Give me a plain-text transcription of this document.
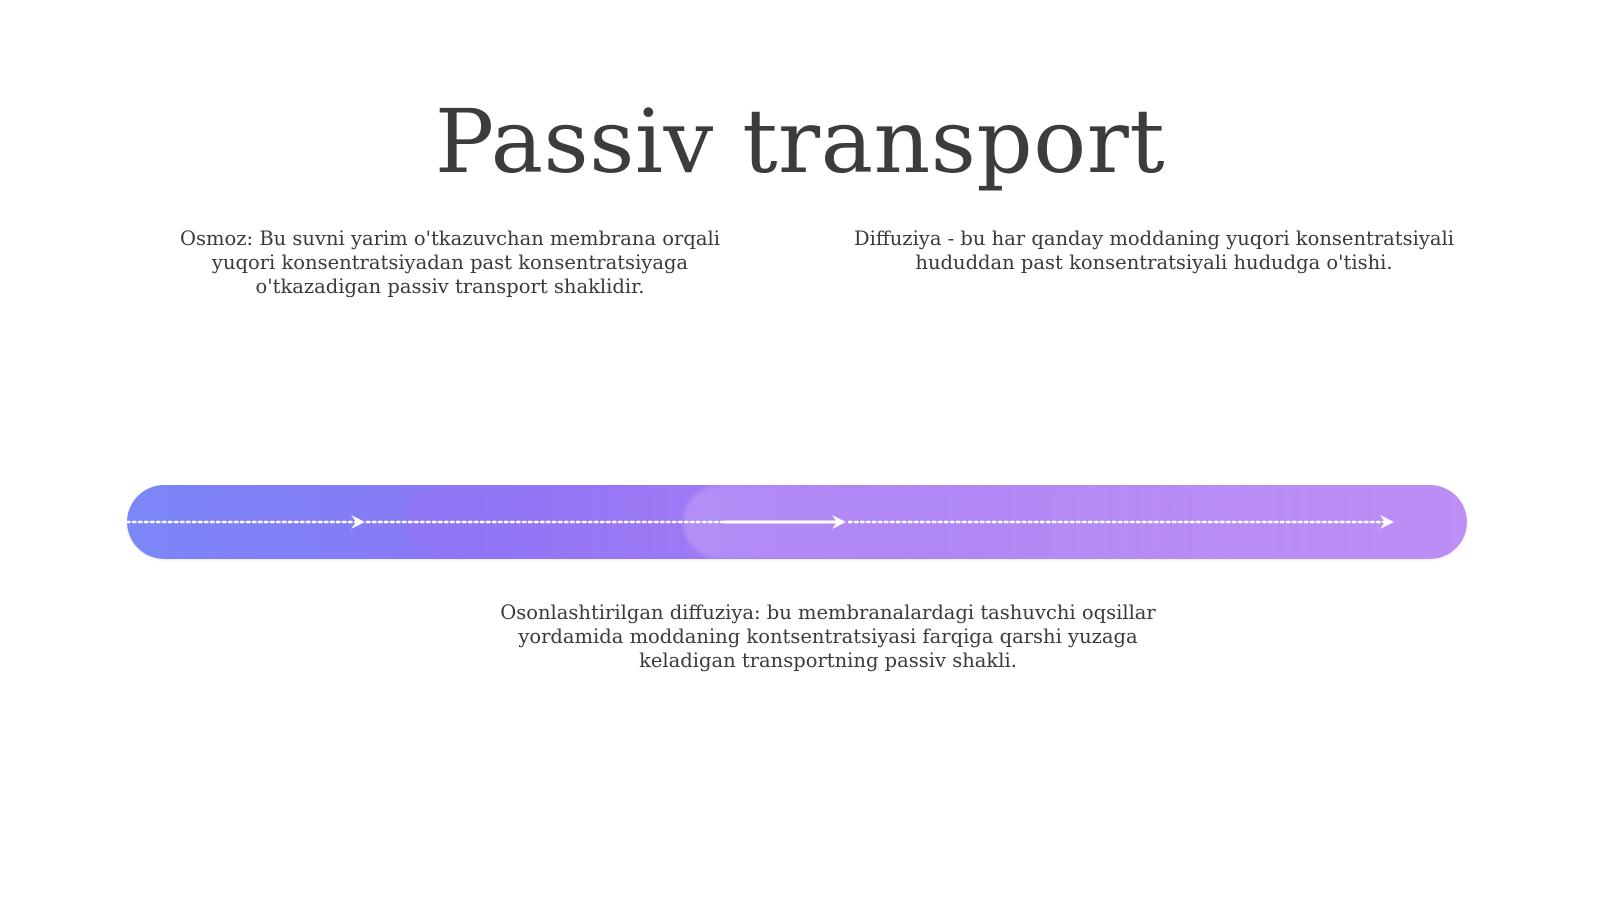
Passiv transport
Osmoz: Bu suvni yarim o'tkazuvchan membrana orqali yuqori konsentratsiyadan past konsentratsiyaga o'tkazadigan passiv transport shaklidir.
Diffuziya - bu har qanday moddaning yuqori konsentratsiyali hududdan past konsentratsiyali hududga o'tishi.
Osonlashtirilgan diffuziya: bu membranalardagi tashuvchi oqsillar yordamida moddaning kontsentratsiyasi farqiga qarshi yuzaga keladigan transportning passiv shakli.
